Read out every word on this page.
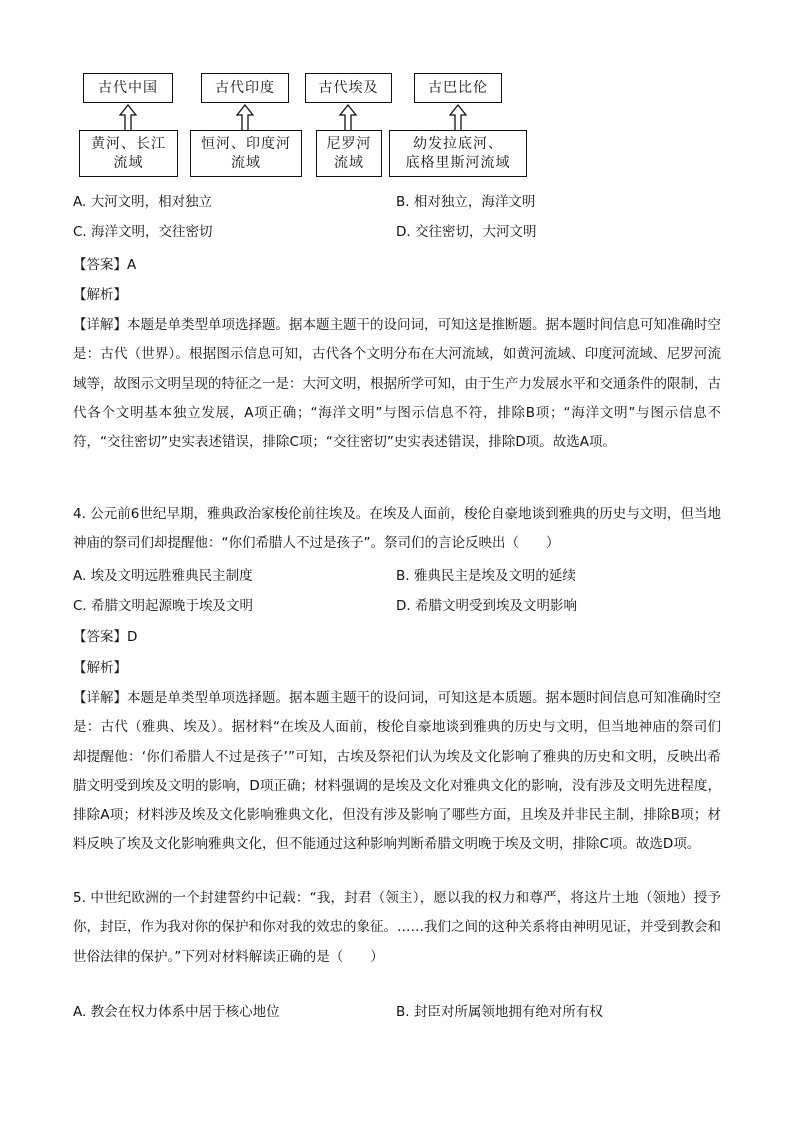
古代中国	古代印度	古代埃及	古巴比伦
黄河、长江
流域
恒河、印度河
流域
尼罗河
流域
幼发拉底河、
底格里斯河流域
A. 大河文明，相对独立	B. 相对独立，海洋文明
C. 海洋文明，交往密切	D. 交往密切，大河文明
【答案】A
【解析】
【详解】本题是单类型单项选择题。据本题主题干的设问词，可知这是推断题。据本题时间信息可知准确时空是：古代（世界）。根据图示信息可知，古代各个文明分布在大河流域，如黄河流域、印度河流域、尼罗河流域等，故图示文明呈现的特征之一是：大河文明，根据所学可知，由于生产力发展水平和交通条件的限制，古代各个文明基本独立发展，A项正确；“海洋文明”与图示信息不符，排除B项；“海洋文明”与图示信息不符，“交往密切”史实表述错误，排除C项；“交往密切”史实表述错误，排除D项。故选A项。
4. 公元前6世纪早期，雅典政治家梭伦前往埃及。在埃及人面前，梭伦自豪地谈到雅典的历史与文明，但当地神庙的祭司们却提醒他：“你们希腊人不过是孩子”。祭司们的言论反映出（　　）
A. 埃及文明远胜雅典民主制度	B. 雅典民主是埃及文明的延续
C. 希腊文明起源晚于埃及文明	D. 希腊文明受到埃及文明影响
【答案】D
【解析】
【详解】本题是单类型单项选择题。据本题主题干的设问词，可知这是本质题。据本题时间信息可知准确时空是：古代（雅典、埃及）。据材料“在埃及人面前，梭伦自豪地谈到雅典的历史与文明，但当地神庙的祭司们却提醒他：‘你们希腊人不过是孩子’”可知，古埃及祭祀们认为埃及文化影响了雅典的历史和文明，反映出希腊文明受到埃及文明的影响，D项正确；材料强调的是埃及文化对雅典文化的影响，没有涉及文明先进程度，排除A项；材料涉及埃及文化影响雅典文化，但没有涉及影响了哪些方面，且埃及并非民主制，排除B项；材料反映了埃及文化影响雅典文化，但不能通过这种影响判断希腊文明晚于埃及文明，排除C项。故选D项。
5. 中世纪欧洲的一个封建誓约中记载：“我，封君（领主），愿以我的权力和尊严，将这片土地（领地）授予你，封臣，作为我对你的保护和你对我的效忠的象征。……我们之间的这种关系将由神明见证，并受到教会和世俗法律的保护。”下列对材料解读正确的是（　　）
A. 教会在权力体系中居于核心地位	B. 封臣对所属领地拥有绝对所有权
